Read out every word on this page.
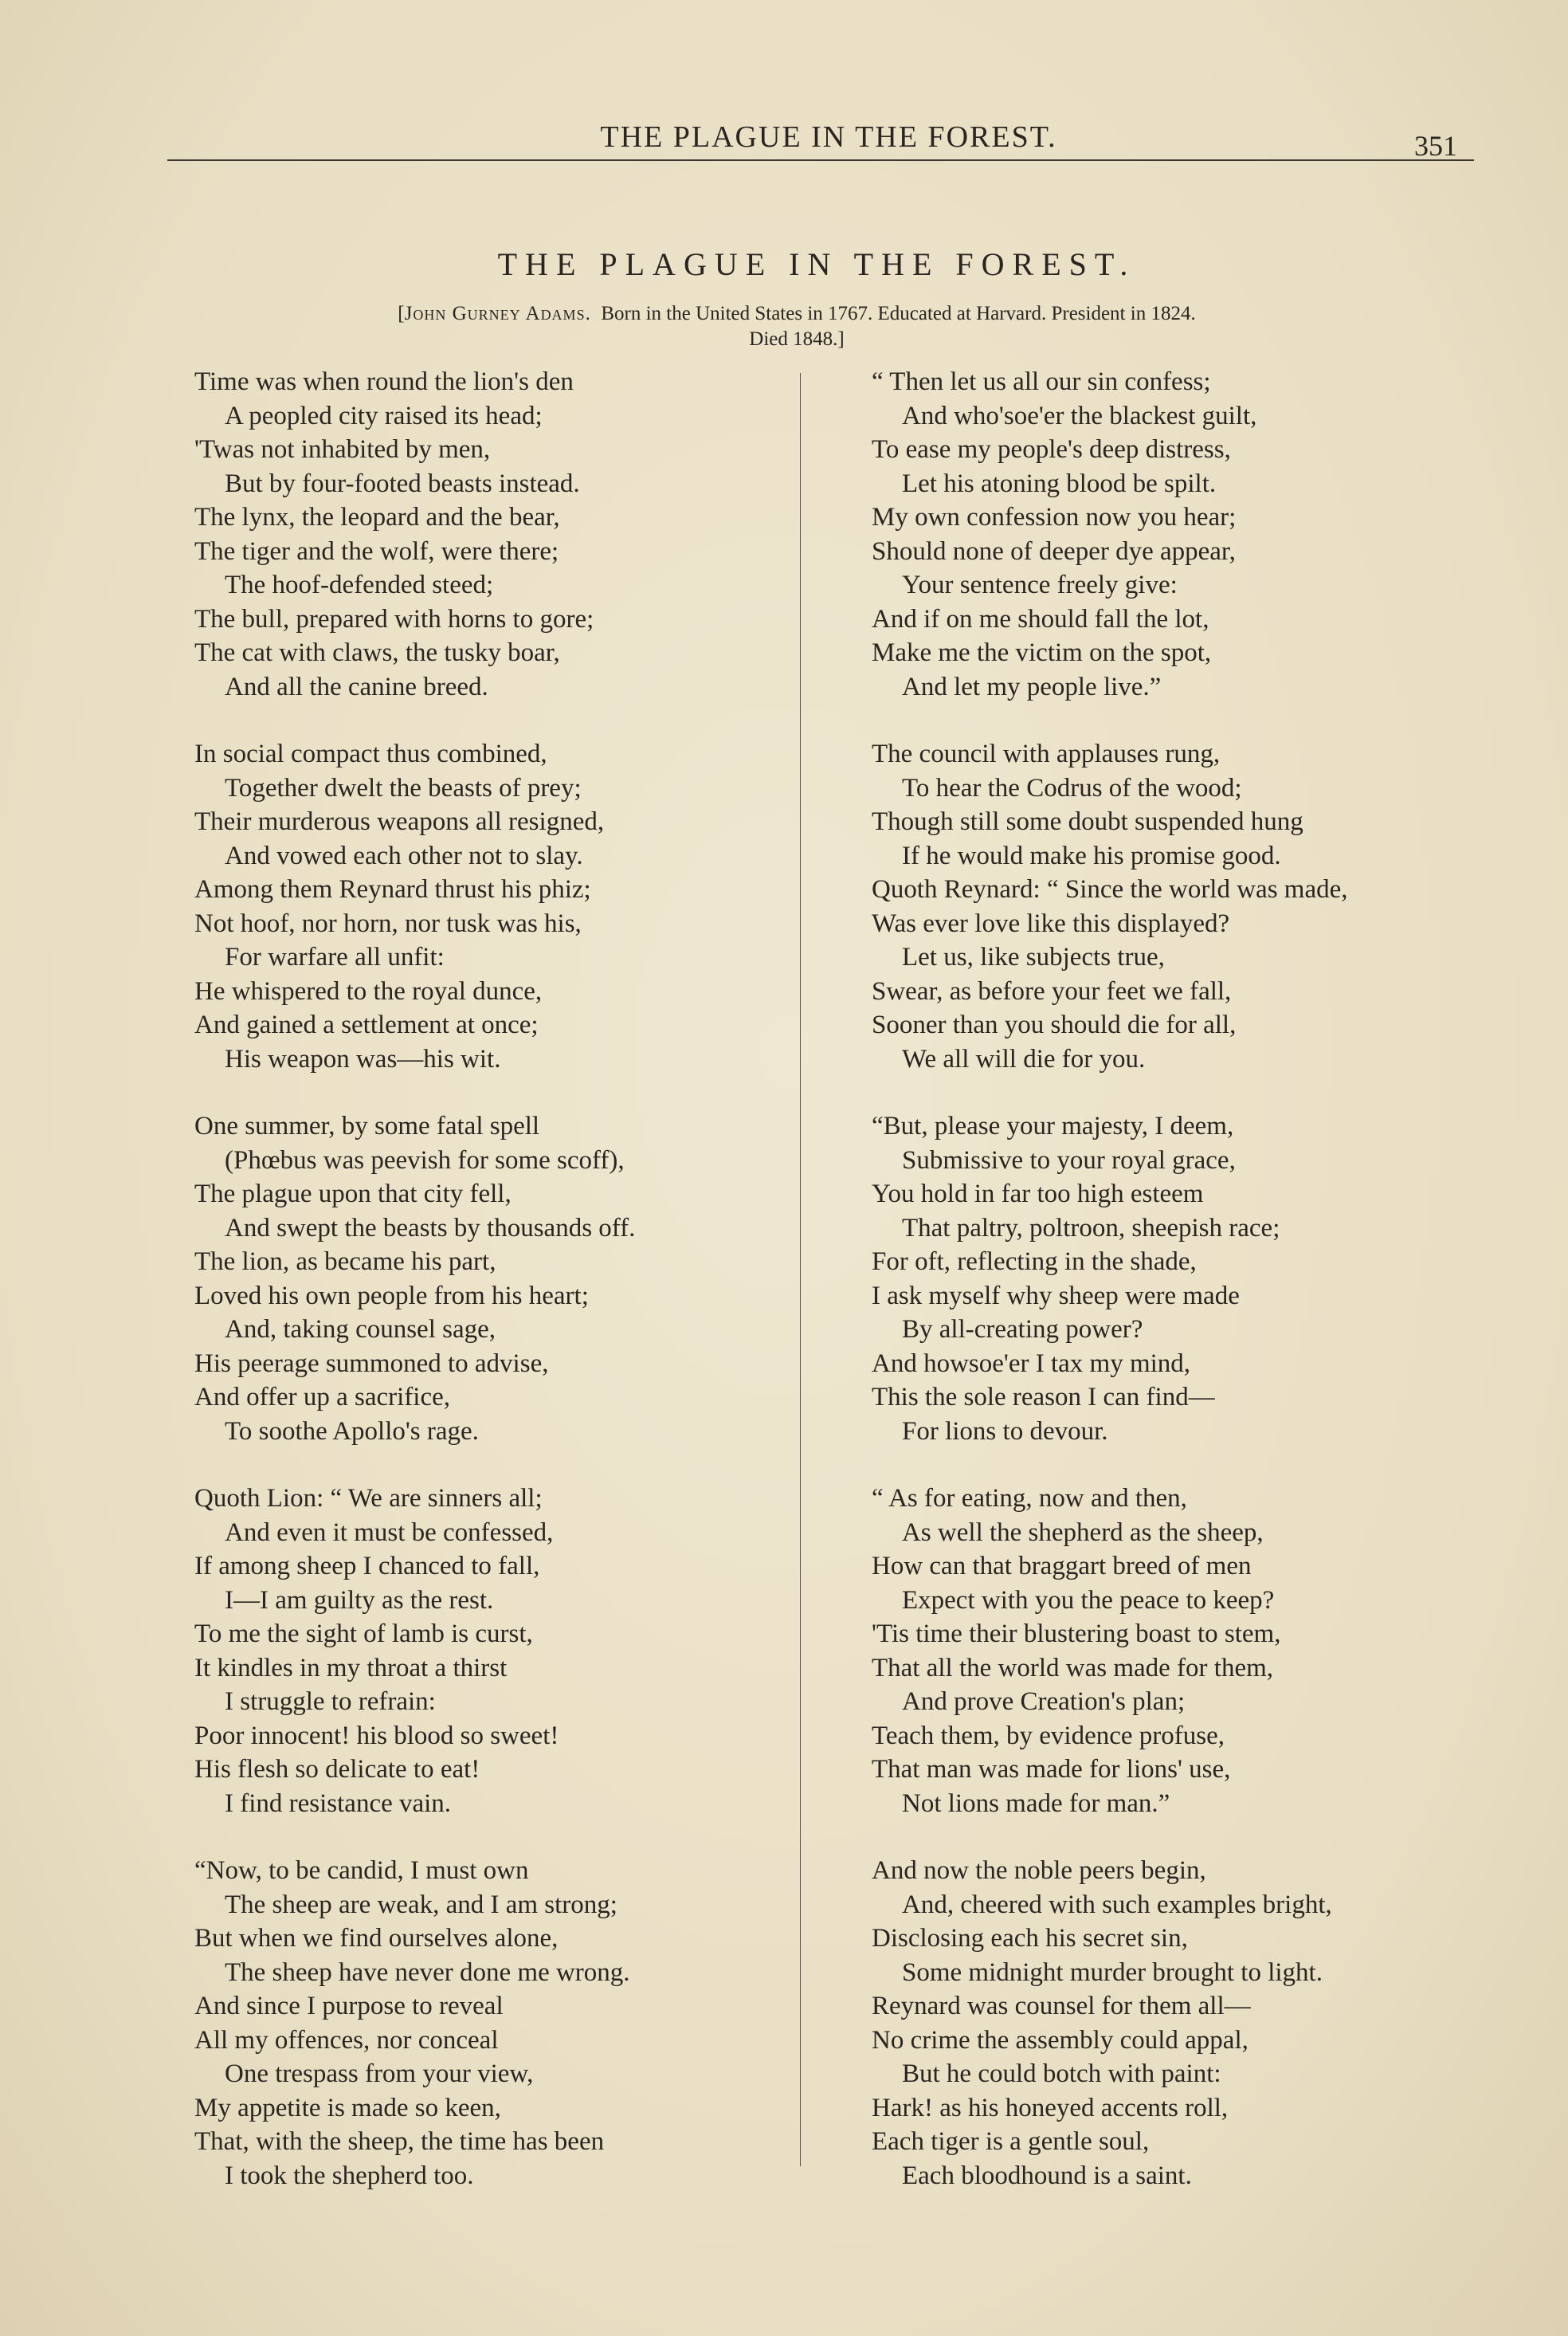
THE PLAGUE IN THE FOREST.	351
THE PLAGUE IN THE FOREST.
[John Gurney Adams. Born in the United States in 1767. Educated at Harvard. President in 1824.
Died 1848.]
Time was when round the lion's den
A peopled city raised its head;
'Twas not inhabited by men,
But by four-footed beasts instead.
The lynx, the leopard and the bear,
The tiger and the wolf, were there;
The hoof-defended steed;
The bull, prepared with horns to gore;
The cat with claws, the tusky boar,
And all the canine breed.
In social compact thus combined,
Together dwelt the beasts of prey;
Their murderous weapons all resigned,
And vowed each other not to slay.
Among them Reynard thrust his phiz;
Not hoof, nor horn, nor tusk was his,
For warfare all unfit:
He whispered to the royal dunce,
And gained a settlement at once;
His weapon was—his wit.
One summer, by some fatal spell
(Phœbus was peevish for some scoff),
The plague upon that city fell,
And swept the beasts by thousands off.
The lion, as became his part,
Loved his own people from his heart;
And, taking counsel sage,
His peerage summoned to advise,
And offer up a sacrifice,
To soothe Apollo's rage.
Quoth Lion: “ We are sinners all;
And even it must be confessed,
If among sheep I chanced to fall,
I—I am guilty as the rest.
To me the sight of lamb is curst,
It kindles in my throat a thirst
I struggle to refrain:
Poor innocent! his blood so sweet!
His flesh so delicate to eat!
I find resistance vain.
“Now, to be candid, I must own
The sheep are weak, and I am strong;
But when we find ourselves alone,
The sheep have never done me wrong.
And since I purpose to reveal
All my offences, nor conceal
One trespass from your view,
My appetite is made so keen,
That, with the sheep, the time has been
I took the shepherd too.
“ Then let us all our sin confess;
And who'soe'er the blackest guilt,
To ease my people's deep distress,
Let his atoning blood be spilt.
My own confession now you hear;
Should none of deeper dye appear,
Your sentence freely give:
And if on me should fall the lot,
Make me the victim on the spot,
And let my people live.”
The council with applauses rung,
To hear the Codrus of the wood;
Though still some doubt suspended hung
If he would make his promise good.
Quoth Reynard: “ Since the world was made,
Was ever love like this displayed?
Let us, like subjects true,
Swear, as before your feet we fall,
Sooner than you should die for all,
We all will die for you.
“But, please your majesty, I deem,
Submissive to your royal grace,
You hold in far too high esteem
That paltry, poltroon, sheepish race;
For oft, reflecting in the shade,
I ask myself why sheep were made
By all-creating power?
And howsoe'er I tax my mind,
This the sole reason I can find—
For lions to devour.
“ As for eating, now and then,
As well the shepherd as the sheep,
How can that braggart breed of men
Expect with you the peace to keep?
'Tis time their blustering boast to stem,
That all the world was made for them,
And prove Creation's plan;
Teach them, by evidence profuse,
That man was made for lions' use,
Not lions made for man.”
And now the noble peers begin,
And, cheered with such examples bright,
Disclosing each his secret sin,
Some midnight murder brought to light.
Reynard was counsel for them all—
No crime the assembly could appal,
But he could botch with paint:
Hark! as his honeyed accents roll,
Each tiger is a gentle soul,
Each bloodhound is a saint.
